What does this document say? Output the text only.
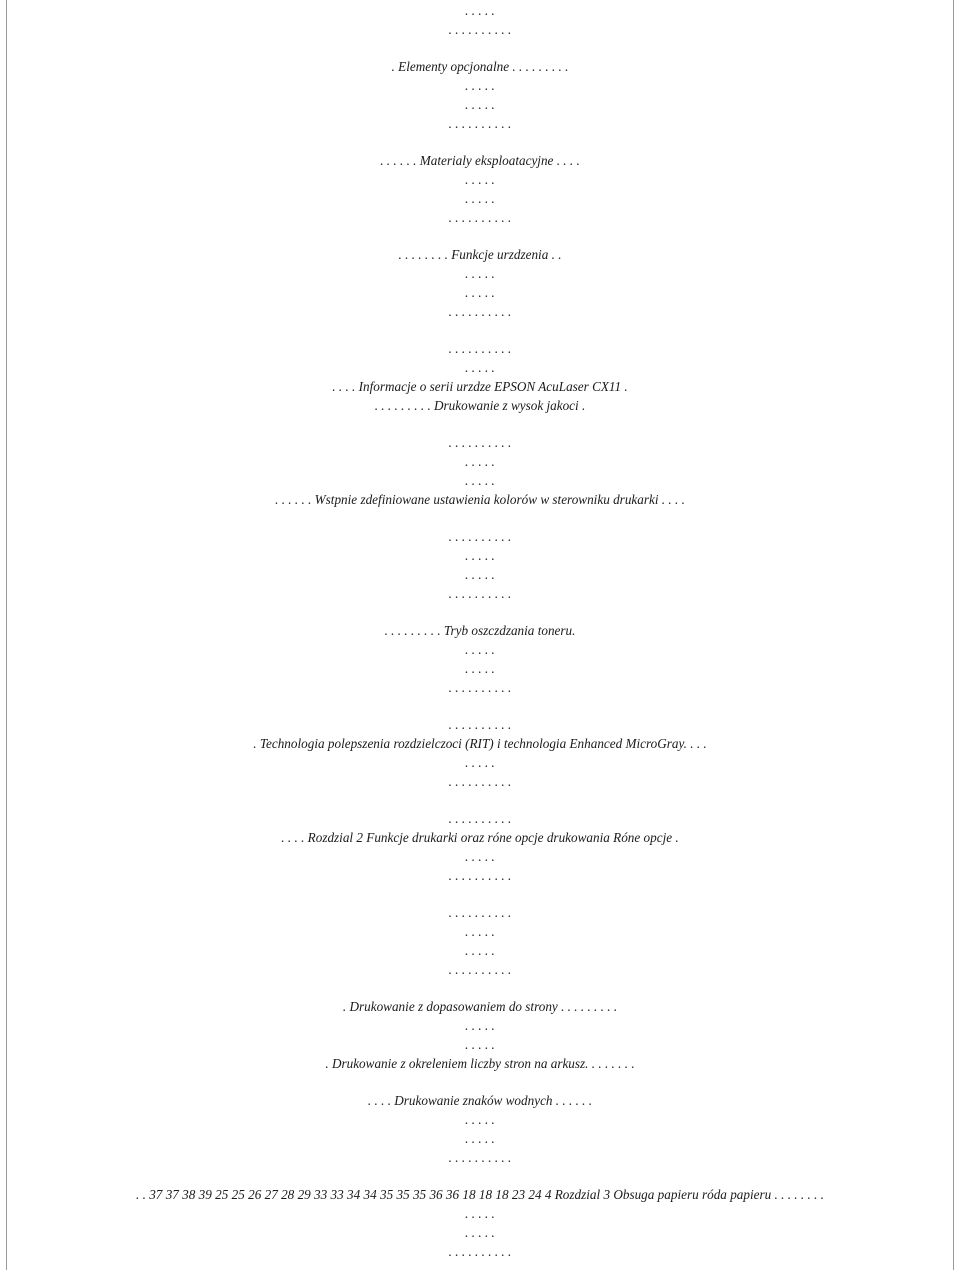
. . . . .
. . . . . . . . . .
. Elementy opcjonalne . . . . . . . . .
. . . . .
. . . . .
. . . . . . . . . .
. . . . . . Materialy eksploatacyjne . . . .
. . . . .
. . . . .
. . . . . . . . . .
. . . . . . . . Funkcje urzdzenia . .
. . . . .
. . . . .
. . . . . . . . . .
. . . . . . . . . .
. . . . .
. . . . Informacje o serii urzdze EPSON AcuLaser CX11 .
. . . . . . . . . Drukowanie z wysok jakoci .
. . . . . . . . . .
. . . . .
. . . . .
. . . . . . Wstpnie zdefiniowane ustawienia kolorów w sterowniku drukarki . . . .
. . . . . . . . . .
. . . . .
. . . . .
. . . . . . . . . .
. . . . . . . . . Tryb oszczdzania toneru.
. . . . .
. . . . .
. . . . . . . . . .
. . . . . . . . . .
. Technologia polepszenia rozdzielczoci (RIT) i technologia Enhanced MicroGray. . . .
. . . . .
. . . . . . . . . .
. . . . . . . . . .
. . . . Rozdzial 2 Funkcje drukarki oraz róne opcje drukowania Róne opcje .
. . . . .
. . . . . . . . . .
. . . . . . . . . .
. . . . .
. . . . .
. . . . . . . . . .
. Drukowanie z dopasowaniem do strony . . . . . . . . .
. . . . .
. . . . .
. Drukowanie z okreleniem liczby stron na arkusz. . . . . . . .
. . . . Drukowanie znaków wodnych . . . . . .
. . . . .
. . . . .
. . . . . . . . . .
. . 37 37 38 39 25 25 26 27 28 29 33 33 34 34 35 35 35 36 36 18 18 18 23 24 4 Rozdzial 3 Obsuga papieru róda papieru . . . . . . . .
. . . . .
. . . . .
. . . . . . . . . .
